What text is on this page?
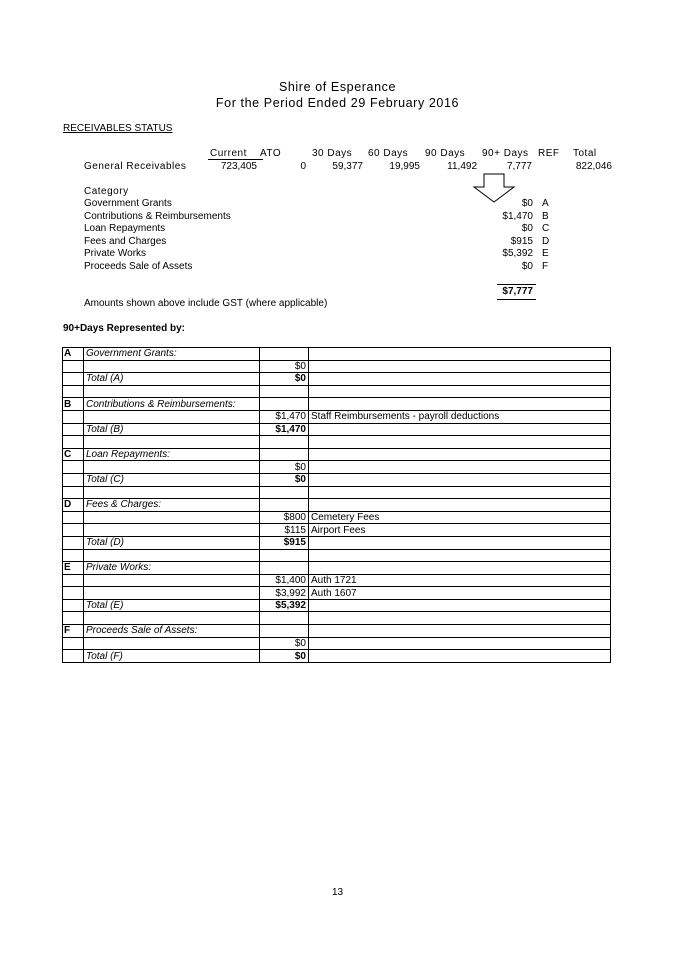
Shire of Esperance
For the Period Ended 29 February 2016
RECEIVABLES STATUS
Current ATO	30 Days 60 Days 90 Days 90+ Days REF Total
General Receivables	723,405	0	59,377	19,995	11,492	7,777	822,046
Category
Government Grants	$0 A
Contributions & Reimbursements	$1,470 B
Loan Repayments	$0 C
Fees and Charges	$915 D
Private Works	$5,392 E
Proceeds Sale of Assets	$0 F
$7,777
Amounts shown above include GST (where applicable)
90+Days Represented by:
A	Government Grants:		
		$0	
	Total (A)	$0	

B	Contributions & Reimbursements:		
		$1,470	Staff Reimbursements - payroll deductions
	Total (B)	$1,470	

C	Loan Repayments:		
		$0	
	Total (C)	$0	

D	Fees & Charges:		
		$800	Cemetery Fees
		$115	Airport Fees
	Total (D)	$915	

E	Private Works:		
		$1,400	Auth 1721
		$3,992	Auth 1607
	Total (E)	$5,392	

F	Proceeds Sale of Assets:		
		$0	
	Total (F)	$0	
13
